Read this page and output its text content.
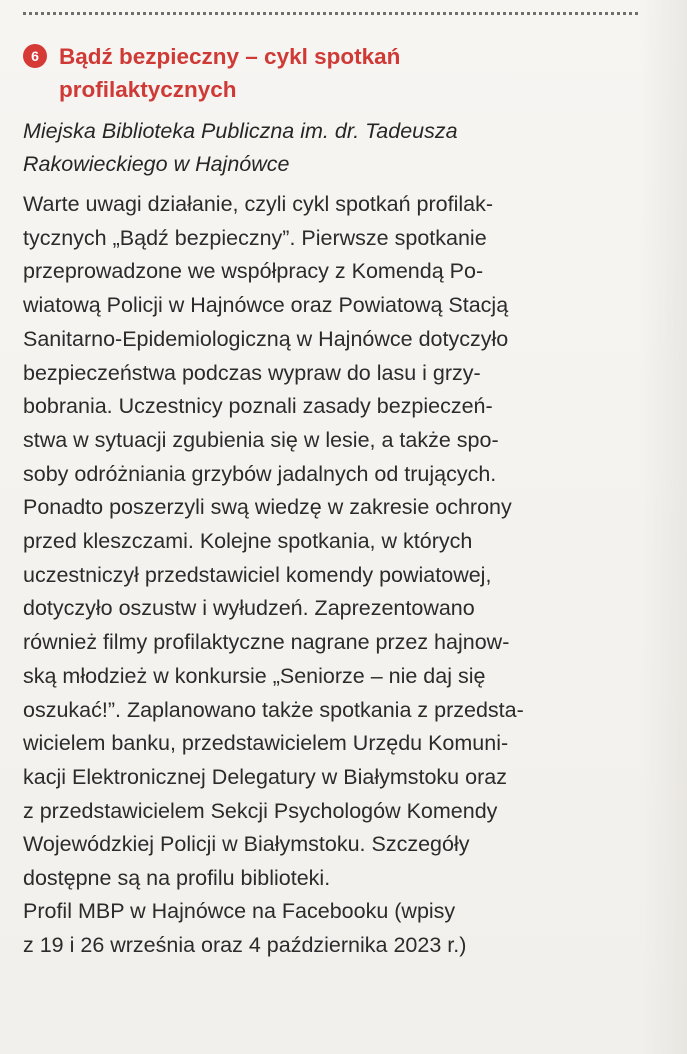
6 Bądź bezpieczny – cykl spotkań
profilaktycznych
Miejska Biblioteka Publiczna im. dr. Tadeusza
Rakowieckiego w Hajnówce
Warte uwagi działanie, czyli cykl spotkań profilak-
tycznych „Bądź bezpieczny”. Pierwsze spotkanie
przeprowadzone we współpracy z Komendą Po-
wiatową Policji w Hajnówce oraz Powiatową Stacją
Sanitarno-Epidemiologiczną w Hajnówce dotyczyło
bezpieczeństwa podczas wypraw do lasu i grzy-
bobrania. Uczestnicy poznali zasady bezpieczeń-
stwa w sytuacji zgubienia się w lesie, a także spo-
soby odróżniania grzybów jadalnych od trujących.
Ponadto poszerzyli swą wiedzę w zakresie ochrony
przed kleszczami. Kolejne spotkania, w których
uczestniczył przedstawiciel komendy powiatowej,
dotyczyło oszustw i wyłudzeń. Zaprezentowano
również filmy profilaktyczne nagrane przez hajnow-
ską młodzież w konkursie „Seniorze – nie daj się
oszukać!”. Zaplanowano także spotkania z przedsta-
wicielem banku, przedstawicielem Urzędu Komuni-
kacji Elektronicznej Delegatury w Białymstoku oraz
z przedstawicielem Sekcji Psychologów Komendy
Wojewódzkiej Policji w Białymstoku. Szczegóły
dostępne są na profilu biblioteki.
Profil MBP w Hajnówce na Facebooku (wpisy
z 19 i 26 września oraz 4 października 2023 r.)
